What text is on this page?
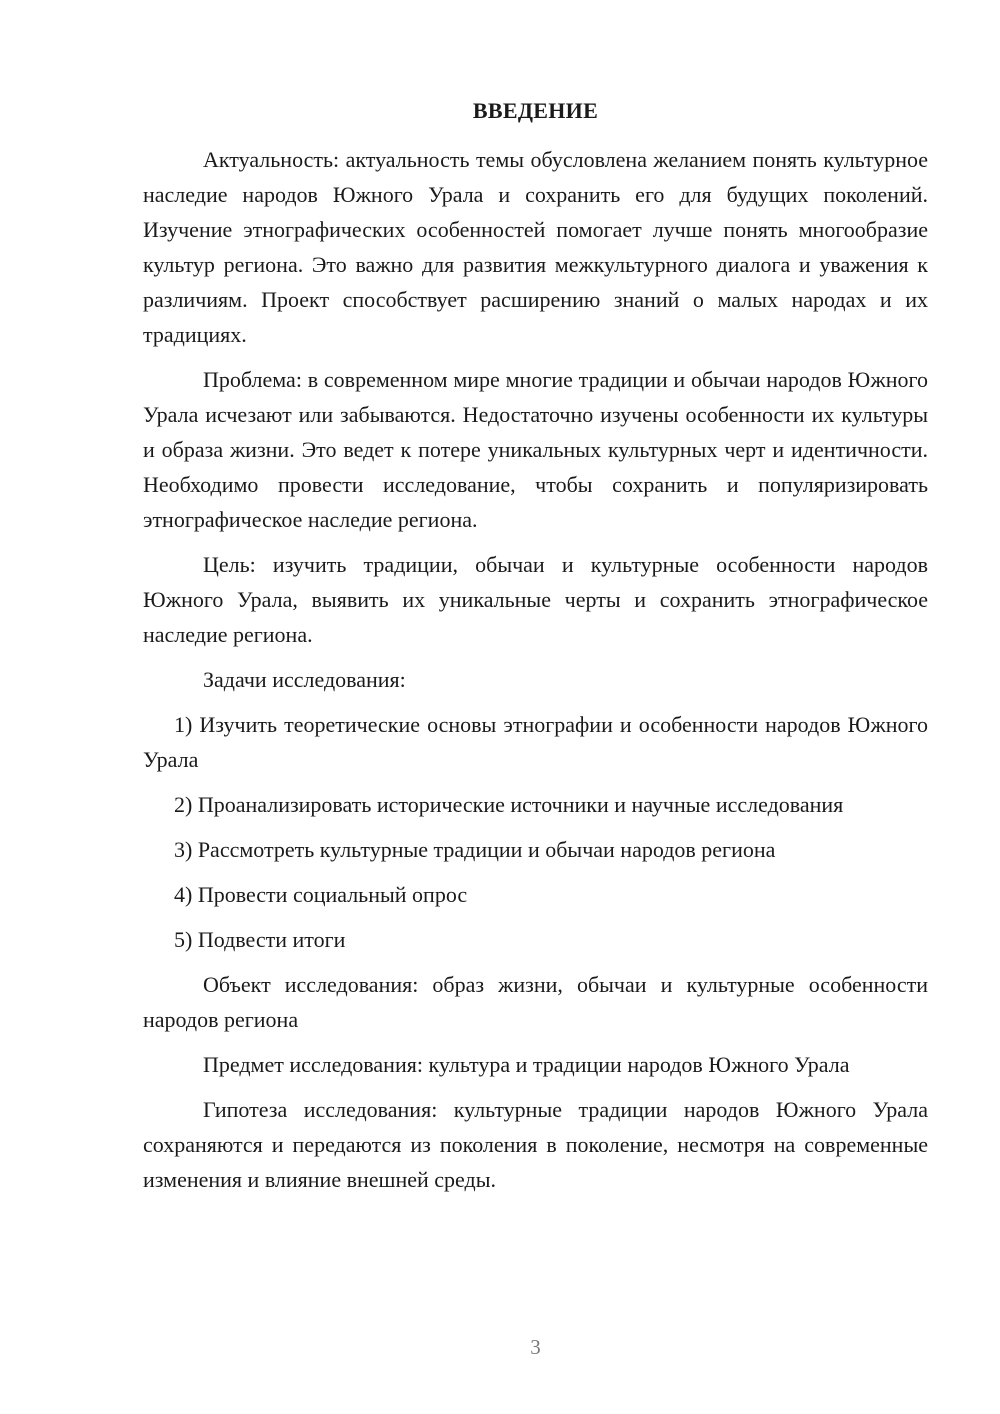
ВВЕДЕНИЕ

Актуальность: актуальность темы обусловлена желанием понять культурное наследие народов Южного Урала и сохранить его для будущих поколений. Изучение этнографических особенностей помогает лучше понять многообразие культур региона. Это важно для развития межкультурного диалога и уважения к различиям. Проект способствует расширению знаний о малых народах и их традициях.

Проблема: в современном мире многие традиции и обычаи народов Южного Урала исчезают или забываются. Недостаточно изучены особенности их культуры и образа жизни. Это ведет к потере уникальных культурных черт и идентичности. Необходимо провести исследование, чтобы сохранить и популяризировать этнографическое наследие региона.

Цель: изучить традиции, обычаи и культурные особенности народов Южного Урала, выявить их уникальные черты и сохранить этнографическое наследие региона.

Задачи исследования:

1) Изучить теоретические основы этнографии и особенности народов Южного Урала

2) Проанализировать исторические источники и научные исследования

3) Рассмотреть культурные традиции и обычаи народов региона

4) Провести социальный опрос

5) Подвести итоги

Объект исследования: образ жизни, обычаи и культурные особенности народов региона

Предмет исследования: культура и традиции народов Южного Урала

Гипотеза исследования: культурные традиции народов Южного Урала сохраняются и передаются из поколения в поколение, несмотря на современные изменения и влияние внешней среды.

3
